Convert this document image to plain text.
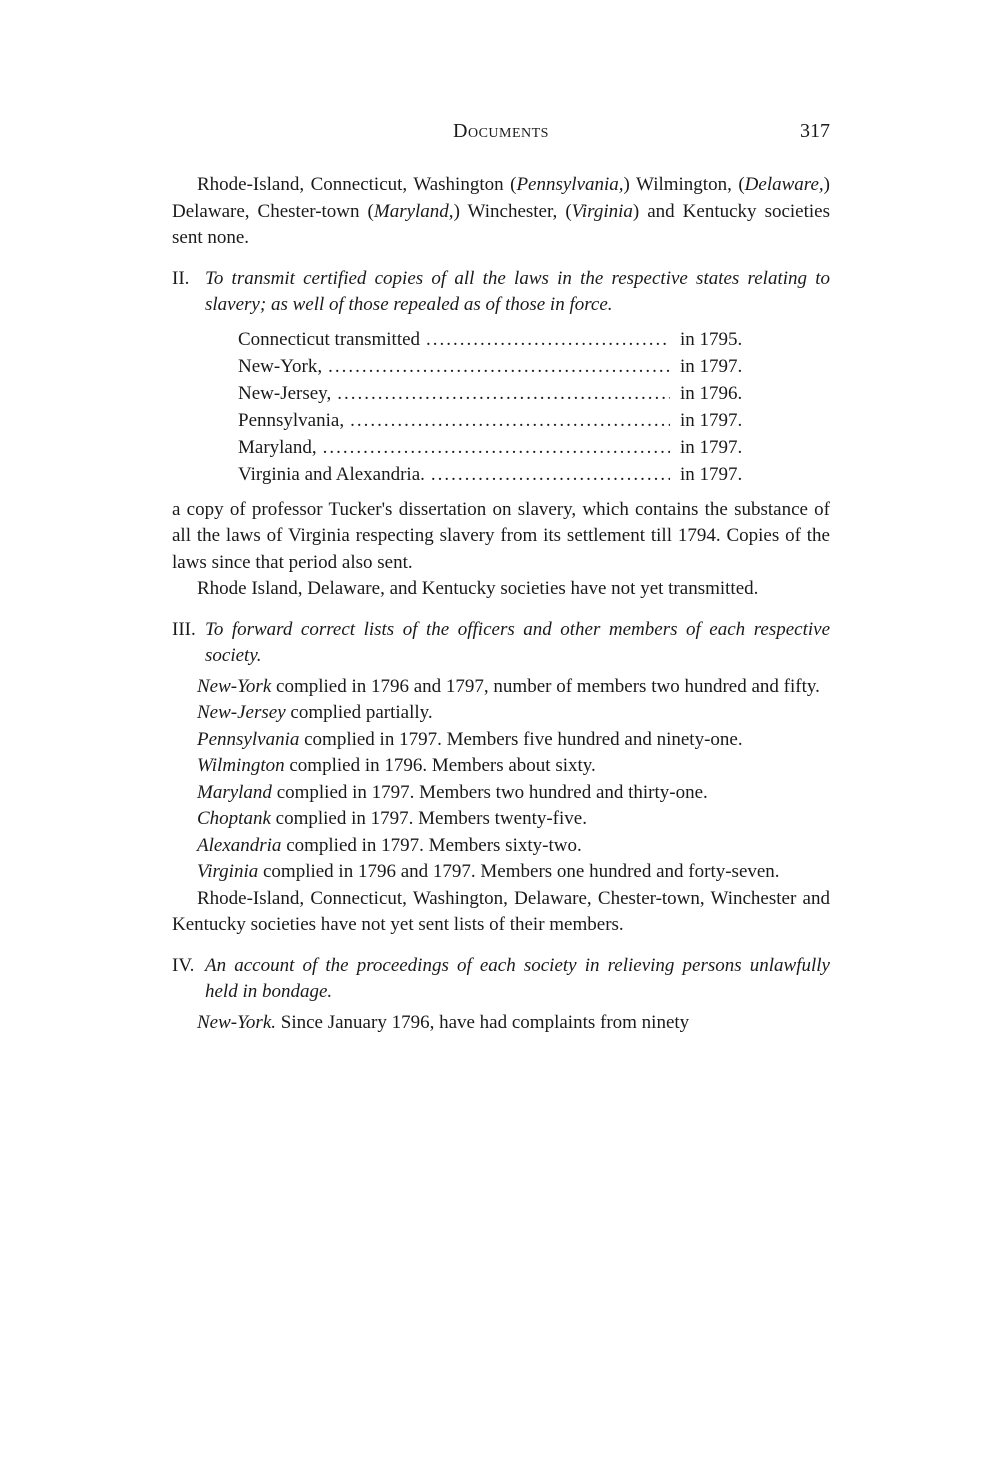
Documents	317

Rhode-Island, Connecticut, Washington (Pennsylvania,) Wilmington, (Delaware,) Delaware, Chester-town (Maryland,) Winchester, (Virginia) and Kentucky societies sent none.

II. To transmit certified copies of all the laws in the respective states relating to slavery; as well of those repealed as of those in force.
Connecticut transmitted .....	in 1795.
New-York, .....	in 1797.
New-Jersey, .....	in 1796.
Pennsylvania, .....	in 1797.
Maryland, .....	in 1797.
Virginia and Alexandria. .....	in 1797.

a copy of professor Tucker's dissertation on slavery, which contains the substance of all the laws of Virginia respecting slavery from its settlement till 1794. Copies of the laws since that period also sent.

Rhode Island, Delaware, and Kentucky societies have not yet transmitted.

III. To forward correct lists of the officers and other members of each respective society.

New-York complied in 1796 and 1797, number of members two hundred and fifty.

New-Jersey complied partially.

Pennsylvania complied in 1797. Members five hundred and ninety-one.

Wilmington complied in 1796. Members about sixty.

Maryland complied in 1797. Members two hundred and thirty-one.

Choptank complied in 1797. Members twenty-five.

Alexandria complied in 1797. Members sixty-two.

Virginia complied in 1796 and 1797. Members one hundred and forty-seven.

Rhode-Island, Connecticut, Washington, Delaware, Chester-town, Winchester and Kentucky societies have not yet sent lists of their members.

IV. An account of the proceedings of each society in relieving persons unlawfully held in bondage.

New-York. Since January 1796, have had complaints from ninety
